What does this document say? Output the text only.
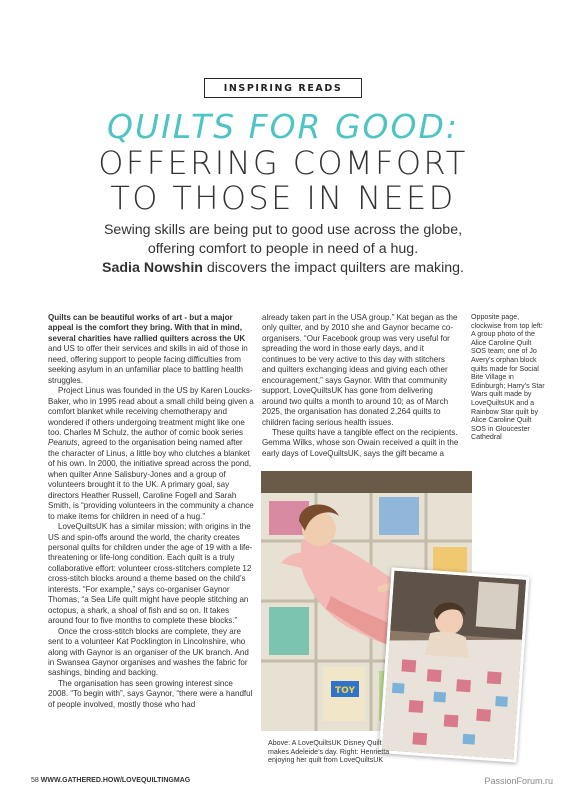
INSPIRING READS
QUILTS FOR GOOD:
OFFERING COMFORT
TO THOSE IN NEED
Sewing skills are being put to good use across the globe,
offering comfort to people in need of a hug.
Sadia Nowshin discovers the impact quilters are making.

Quilts can be beautiful works of art - but a major appeal is the comfort they bring. With that in mind, several charities have rallied quilters across the UK and US to offer their services and skills in aid of those in need, offering support to people facing difficulties from seeking asylum in an unfamiliar place to battling health struggles.

Project Linus was founded in the US by Karen Loucks-Baker, who in 1995 read about a small child being given a comfort blanket while receiving chemotherapy and wondered if others undergoing treatment might like one too. Charles M Schulz, the author of comic book series Peanuts, agreed to the organisation being named after the character of Linus, a little boy who clutches a blanket of his own. In 2000, the initiative spread across the pond, when quilter Anne Salisbury-Jones and a group of volunteers brought it to the UK. A primary goal, say directors Heather Russell, Caroline Fogell and Sarah Smith, is “providing volunteers in the community a chance to make items for children in need of a hug.”

LoveQuiltsUK has a similar mission; with origins in the US and spin-offs around the world, the charity creates personal quilts for children under the age of 19 with a life-threatening or life-long condition. Each quilt is a truly collaborative effort: volunteer cross-stitchers complete 12 cross-stitch blocks around a theme based on the child’s interests. “For example,” says co-organiser Gaynor Thomas, “a Sea Life quilt might have people stitching an octopus, a shark, a shoal of fish and so on. It takes around four to five months to complete these blocks.”

Once the cross-stitch blocks are complete, they are sent to a volunteer Kat Pocklington in Lincolnshire, who along with Gaynor is an organiser of the UK branch. And in Swansea Gaynor organises and washes the fabric for sashings, binding and backing.

The organisation has seen growing interest since 2008. “To begin with”, says Gaynor, “there were a handful of people involved, mostly those who had

already taken part in the USA group.” Kat began as the only quilter, and by 2010 she and Gaynor became co-organisers. “Our Facebook group was very useful for spreading the word in those early days, and it continues to be very active to this day with stitchers and quilters exchanging ideas and giving each other encouragement,” says Gaynor. With that community support, LoveQuiltsUK has gone from delivering around two quilts a month to around 10; as of March 2025, the organisation has donated 2,264 quilts to children facing serious health issues.

These quilts have a tangible effect on the recipients. Gemma Wilks, whose son Owain received a quilt in the early days of LoveQuiltsUK, says the gift became a

Opposite page, clockwise from top left: A group photo of the Alice Caroline Quilt SOS team; one of Jo Avery’s orphan block quilts made for Social Bite Village in Edinburgh; Harry’s Star Wars quilt made by LoveQuiltsUK and a Rainbow Star quilt by Alice Caroline Quilt SOS in Gloucester Cathedral
TOY
Above: A LoveQuiltsUK Disney Quilt makes Adeleide’s day. Right: Henrietta enjoying her quilt from LoveQuiltsUK
58 WWW.GATHERED.HOW/LOVEQUILTINGMAG	PassionForum.ru
